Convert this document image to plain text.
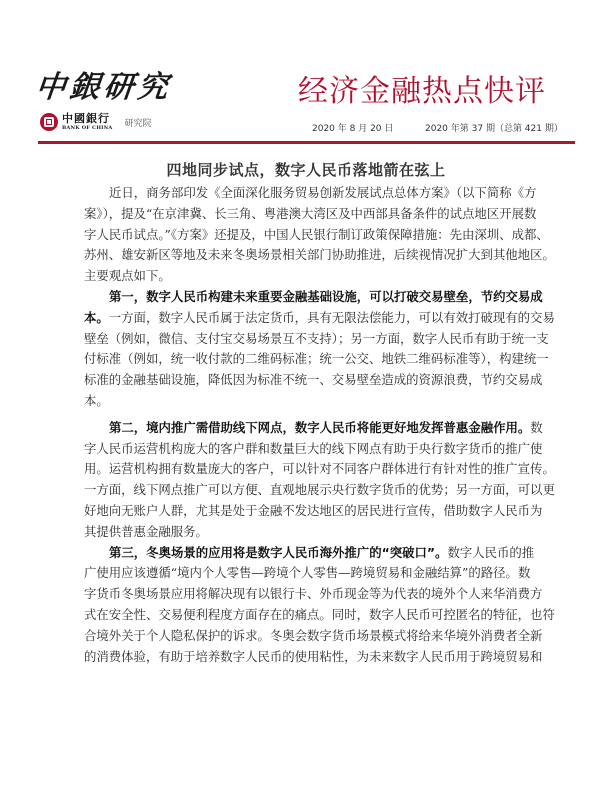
中銀研究	经济金融热点快评
中國銀行
BANK OF CHINA 研究院
2020 年 8 月 20 日	2020 年第 37 期（总第 421 期）
四地同步试点，数字人民币落地箭在弦上
近日，商务部印发《全面深化服务贸易创新发展试点总体方案》（以下简称《方
案》），提及“在京津冀、长三角、粤港澳大湾区及中西部具备条件的试点地区开展数
字人民币试点。”《方案》还提及，中国人民银行制订政策保障措施：先由深圳、成都、
苏州、雄安新区等地及未来冬奥场景相关部门协助推进，后续视情况扩大到其他地区。
主要观点如下。
第一，数字人民币构建未来重要金融基础设施，可以打破交易壁垒，节约交易成
本。一方面，数字人民币属于法定货币，具有无限法偿能力，可以有效打破现有的交易
壁垒（例如，微信、支付宝交易场景互不支持）；另一方面，数字人民币有助于统一支
付标准（例如，统一收付款的二维码标准；统一公交、地铁二维码标准等），构建统一
标准的金融基础设施，降低因为标准不统一、交易壁垒造成的资源浪费，节约交易成
本。
第二，境内推广需借助线下网点，数字人民币将能更好地发挥普惠金融作用。数
字人民币运营机构庞大的客户群和数量巨大的线下网点有助于央行数字货币的推广使
用。运营机构拥有数量庞大的客户，可以针对不同客户群体进行有针对性的推广宣传。
一方面，线下网点推广可以方便、直观地展示央行数字货币的优势；另一方面，可以更
好地向无账户人群，尤其是处于金融不发达地区的居民进行宣传，借助数字人民币为
其提供普惠金融服务。
第三，冬奥场景的应用将是数字人民币海外推广的“突破口”。数字人民币的推
广使用应该遵循“境内个人零售—跨境个人零售—跨境贸易和金融结算”的路径。数
字货币冬奥场景应用将解决现有以银行卡、外币现金等为代表的境外个人来华消费方
式在安全性、交易便利程度方面存在的痛点。同时，数字人民币可控匿名的特征，也符
合境外关于个人隐私保护的诉求。冬奥会数字货币场景模式将给来华境外消费者全新
的消费体验，有助于培养数字人民币的使用粘性，为未来数字人民币用于跨境贸易和
